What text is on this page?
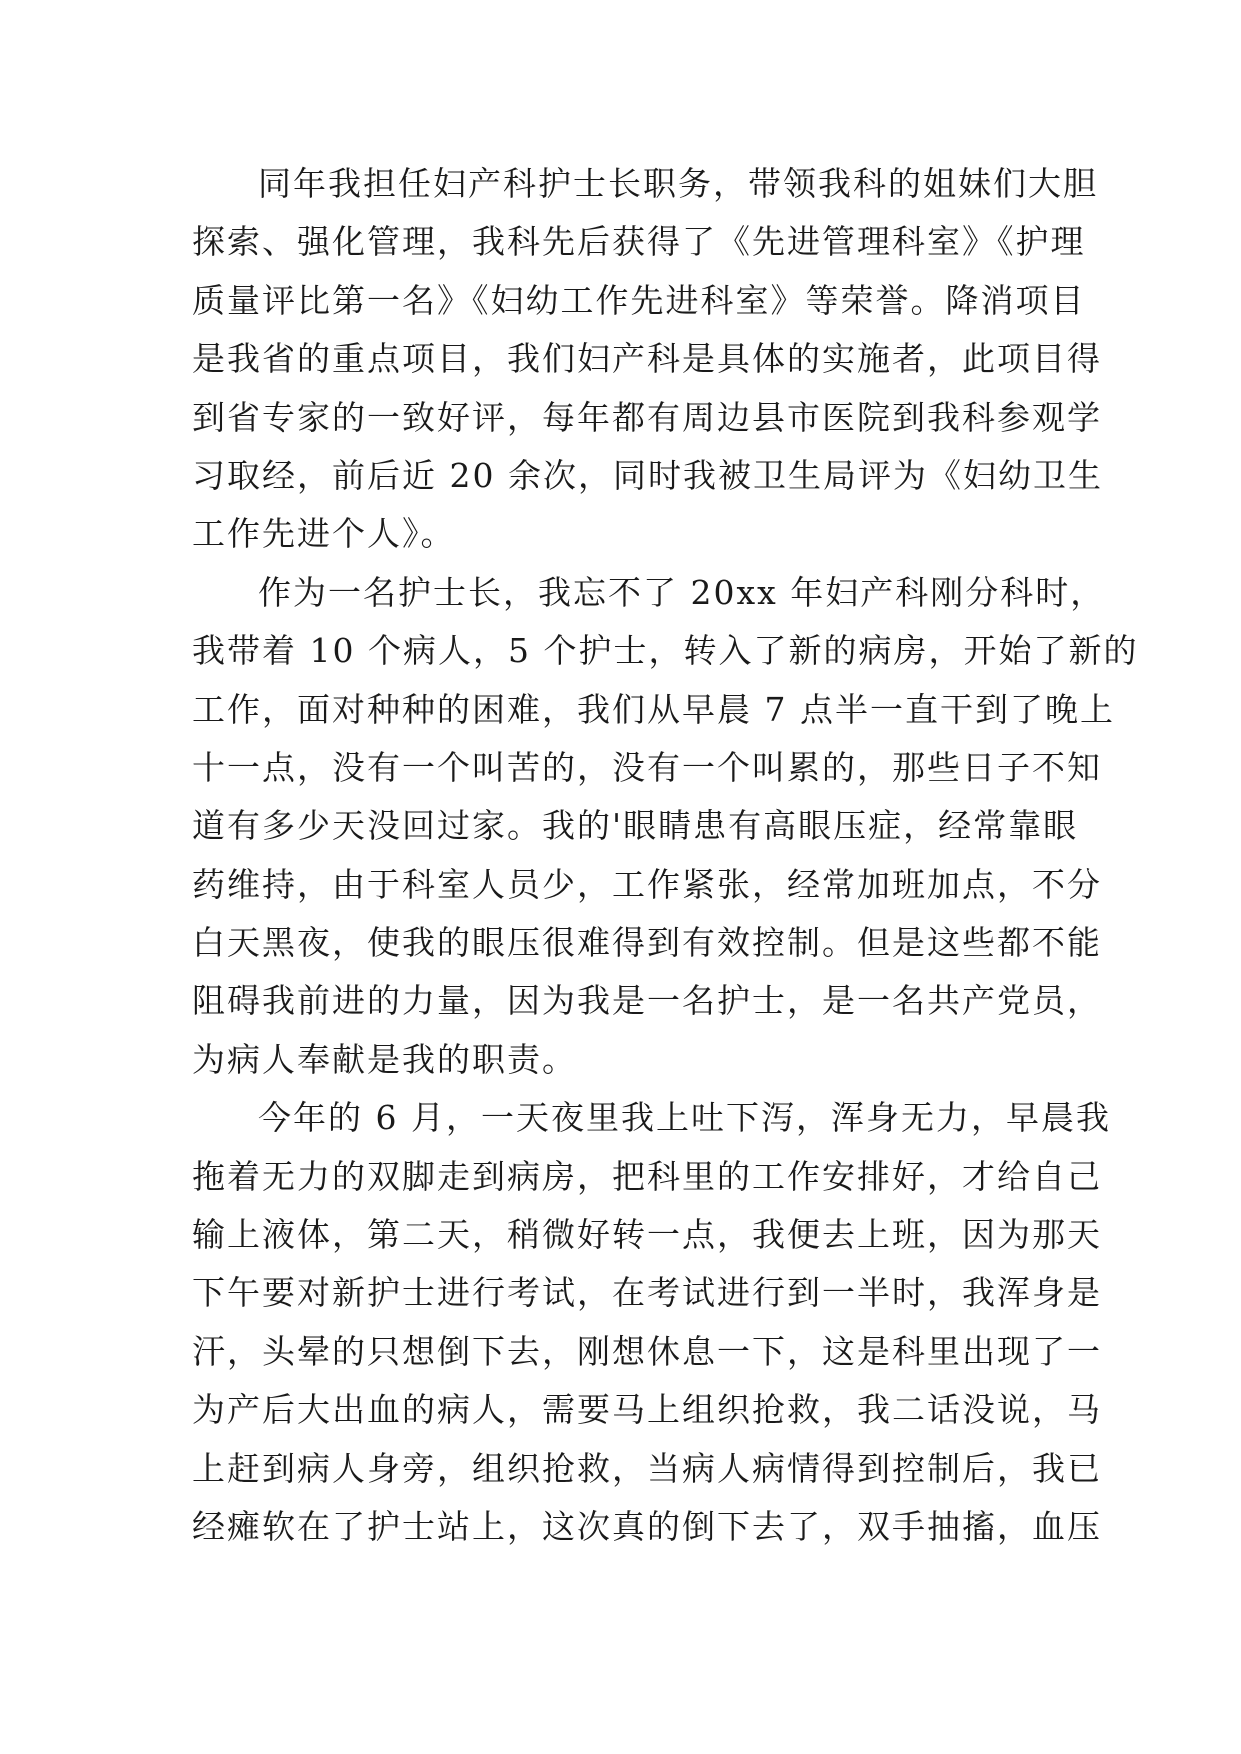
同年我担任妇产科护士长职务，带领我科的姐妹们大胆
探索、强化管理，我科先后获得了《先进管理科室》《护理
质量评比第一名》《妇幼工作先进科室》等荣誉。降消项目
是我省的重点项目，我们妇产科是具体的实施者，此项目得
到省专家的一致好评，每年都有周边县市医院到我科参观学
习取经，前后近 20 余次，同时我被卫生局评为《妇幼卫生
工作先进个人》。
作为一名护士长，我忘不了 20xx 年妇产科刚分科时，
我带着 10 个病人，5 个护士，转入了新的病房，开始了新的
工作，面对种种的困难，我们从早晨 7 点半一直干到了晚上
十一点，没有一个叫苦的，没有一个叫累的，那些日子不知
道有多少天没回过家。我的'眼睛患有高眼压症，经常靠眼
药维持，由于科室人员少，工作紧张，经常加班加点，不分
白天黑夜，使我的眼压很难得到有效控制。但是这些都不能
阻碍我前进的力量，因为我是一名护士，是一名共产党员，
为病人奉献是我的职责。
今年的 6 月，一天夜里我上吐下泻，浑身无力，早晨我
拖着无力的双脚走到病房，把科里的工作安排好，才给自己
输上液体，第二天，稍微好转一点，我便去上班，因为那天
下午要对新护士进行考试，在考试进行到一半时，我浑身是
汗，头晕的只想倒下去，刚想休息一下，这是科里出现了一
为产后大出血的病人，需要马上组织抢救，我二话没说，马
上赶到病人身旁，组织抢救，当病人病情得到控制后，我已
经瘫软在了护士站上，这次真的倒下去了，双手抽搐，血压
